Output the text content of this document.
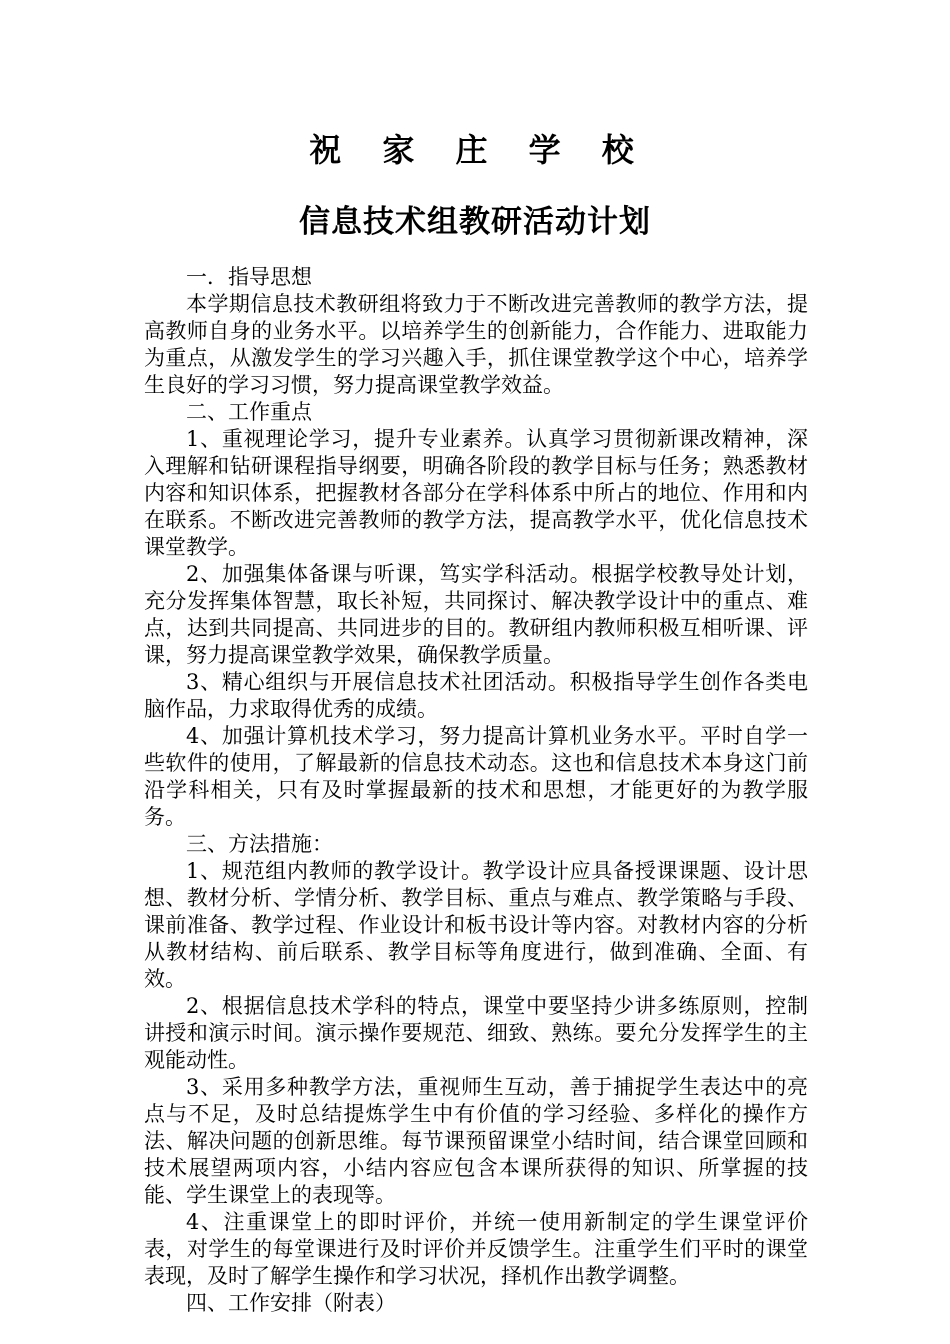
祝 家 庄 学 校
信息技术组教研活动计划

一．指导思想

本学期信息技术教研组将致力于不断改进完善教师的教学方法，提高教师自身的业务水平。以培养学生的创新能力，合作能力、进取能力为重点，从激发学生的学习兴趣入手，抓住课堂教学这个中心，培养学生良好的学习习惯，努力提高课堂教学效益。

二、工作重点

1、重视理论学习，提升专业素养。认真学习贯彻新课改精神，深入理解和钻研课程指导纲要，明确各阶段的教学目标与任务；熟悉教材内容和知识体系，把握教材各部分在学科体系中所占的地位、作用和内在联系。不断改进完善教师的教学方法，提高教学水平，优化信息技术课堂教学。

2、加强集体备课与听课，笃实学科活动。根据学校教导处计划，充分发挥集体智慧，取长补短，共同探讨、解决教学设计中的重点、难点，达到共同提高、共同进步的目的。教研组内教师积极互相听课、评课，努力提高课堂教学效果，确保教学质量。

3、精心组织与开展信息技术社团活动。积极指导学生创作各类电脑作品，力求取得优秀的成绩。

4、加强计算机技术学习，努力提高计算机业务水平。平时自学一些软件的使用，了解最新的信息技术动态。这也和信息技术本身这门前沿学科相关，只有及时掌握最新的技术和思想，才能更好的为教学服务。

三、方法措施：

1、规范组内教师的教学设计。教学设计应具备授课课题、设计思想、教材分析、学情分析、教学目标、重点与难点、教学策略与手段、课前准备、教学过程、作业设计和板书设计等内容。对教材内容的分析从教材结构、前后联系、教学目标等角度进行，做到准确、全面、有效。

2、根据信息技术学科的特点，课堂中要坚持少讲多练原则，控制讲授和演示时间。演示操作要规范、细致、熟练。要允分发挥学生的主观能动性。

3、采用多种教学方法，重视师生互动，善于捕捉学生表达中的亮点与不足，及时总结提炼学生中有价值的学习经验、多样化的操作方法、解决问题的创新思维。每节课预留课堂小结时间，结合课堂回顾和技术展望两项内容，小结内容应包含本课所获得的知识、所掌握的技能、学生课堂上的表现等。

4、注重课堂上的即时评价，并统一使用新制定的学生课堂评价表，对学生的每堂课进行及时评价并反馈学生。注重学生们平时的课堂表现，及时了解学生操作和学习状况，择机作出教学调整。

四、工作安排（附表）
